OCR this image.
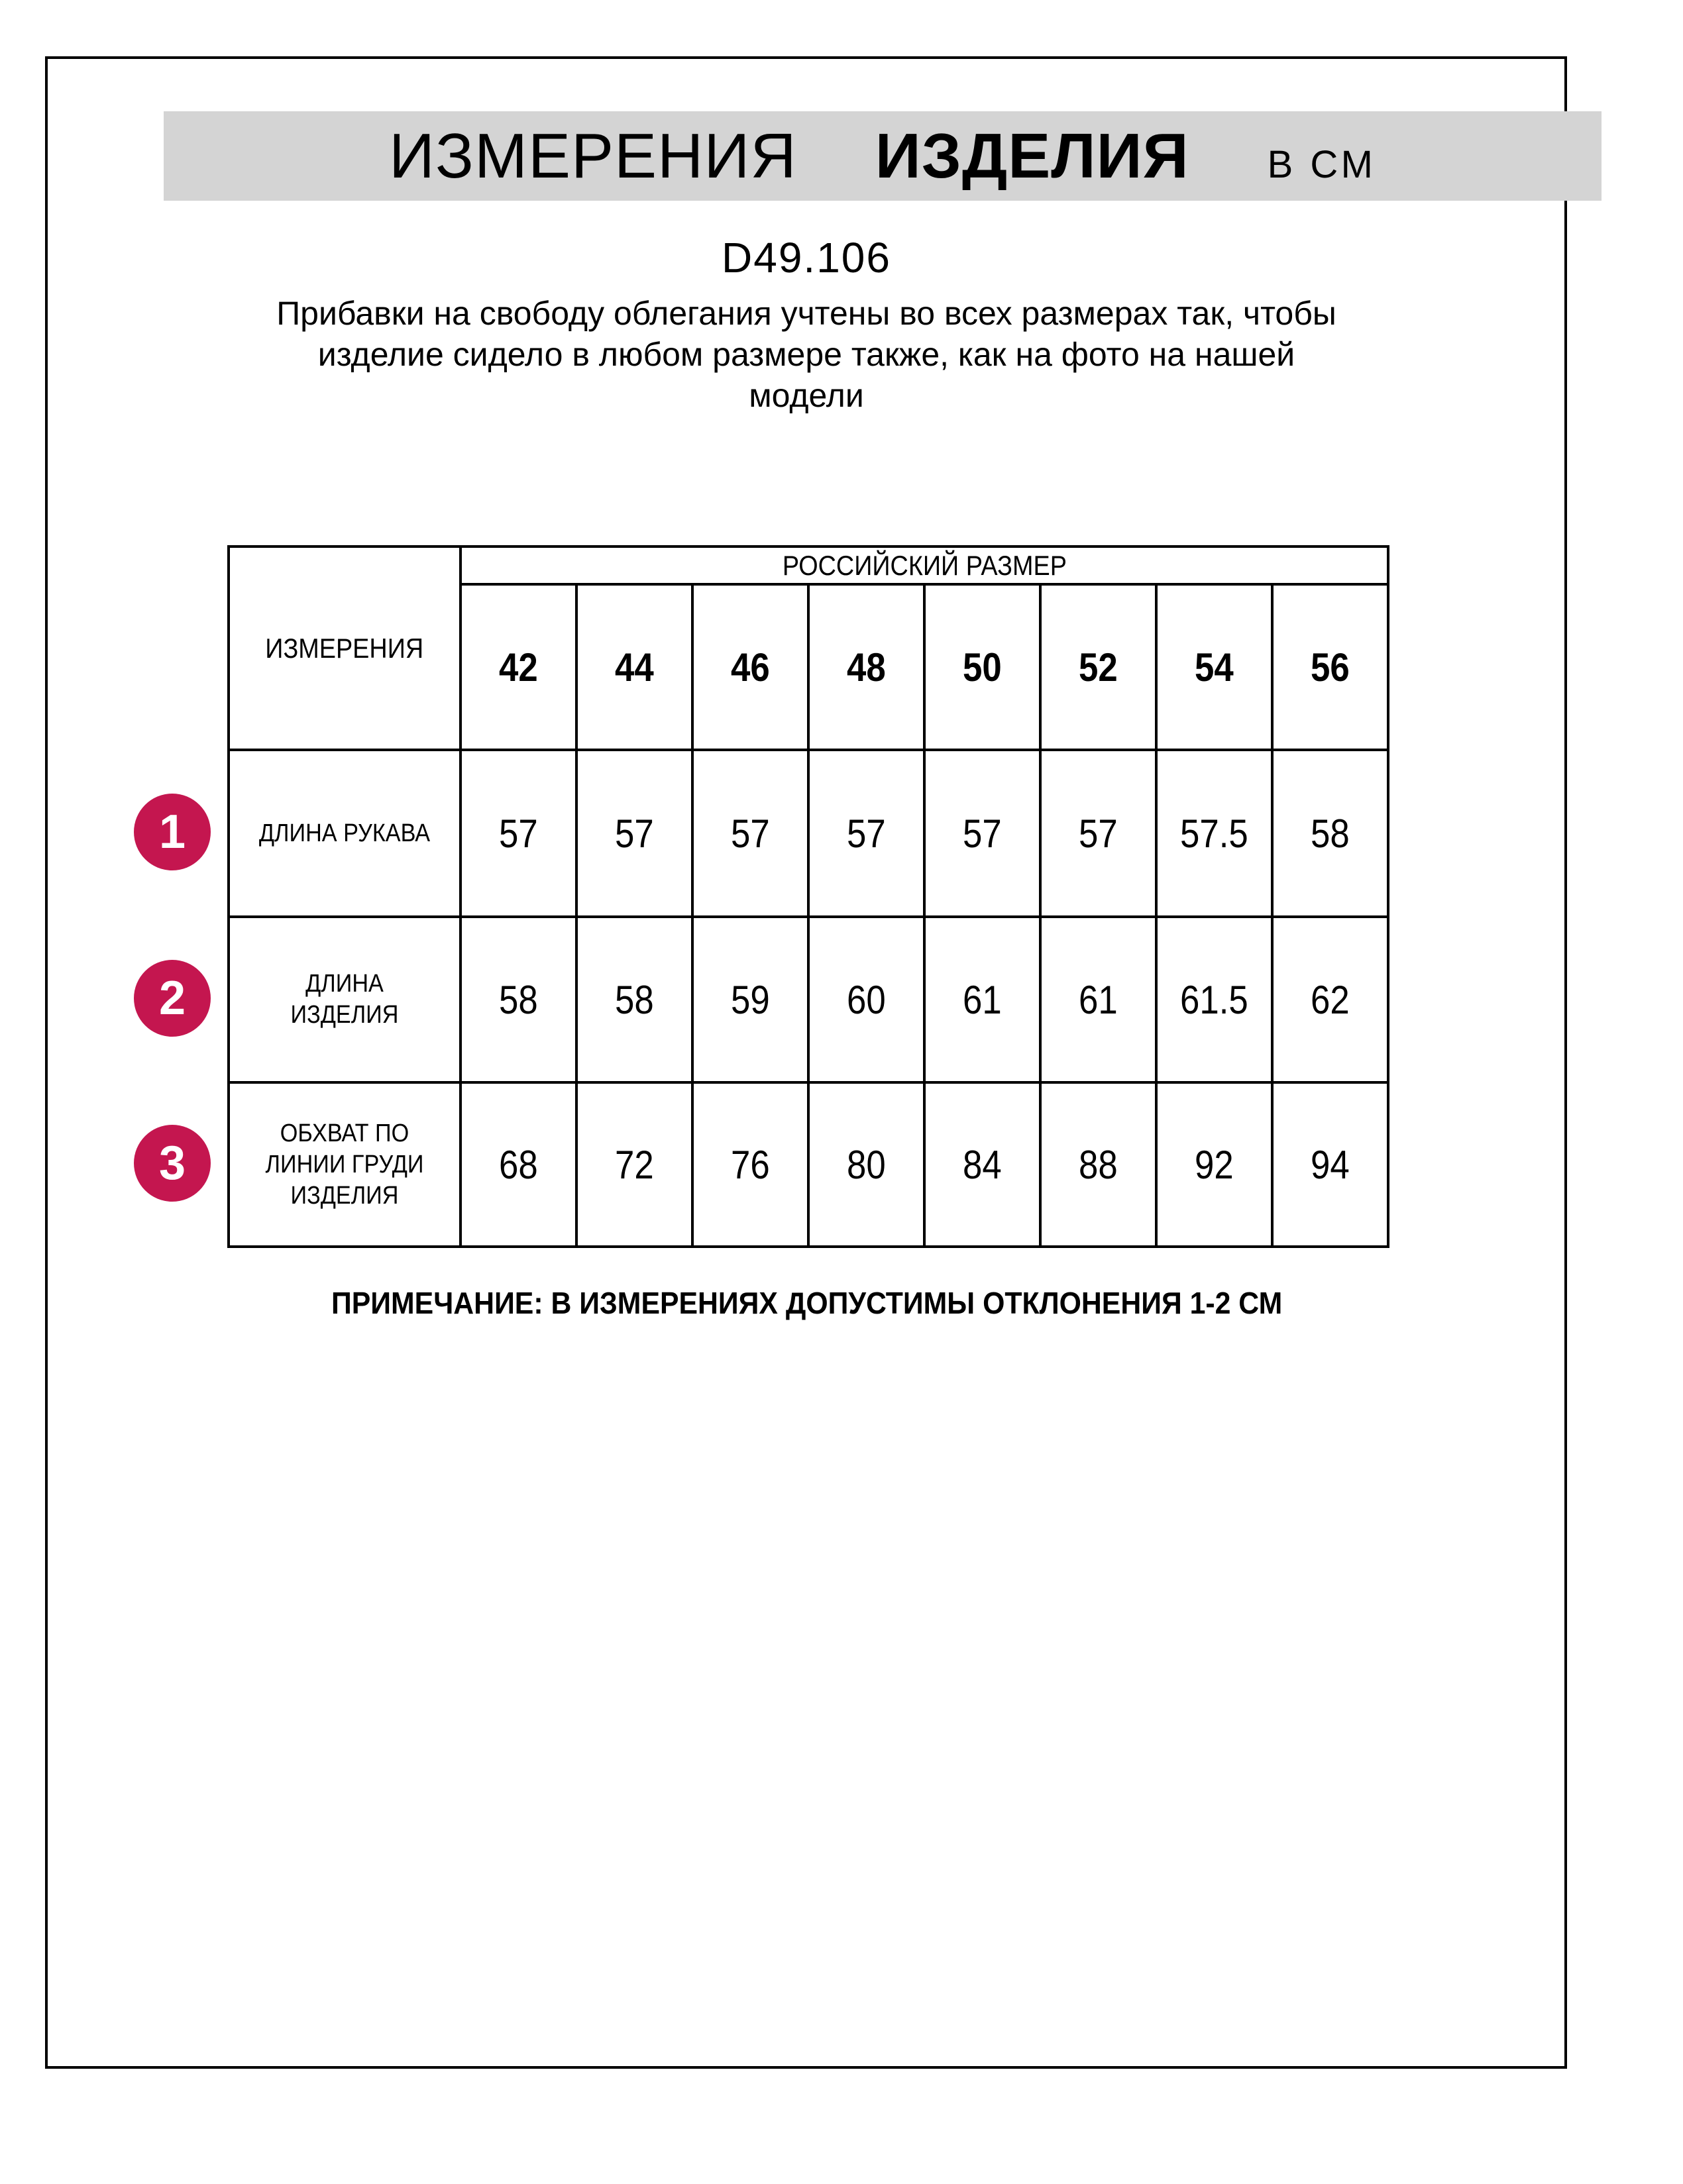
ИЗМЕРЕНИЯ ИЗДЕЛИЯ В СМ
D49.106
Прибавки на свободу облегания учтены во всех размерах так, чтобы
изделие сидело в любом размере также, как на фото на нашей
модели
ИЗМЕРЕНИЯ	РОССИЙСКИЙ РАЗМЕР							
	42	44	46	48	50	52	54	56

ДЛИНА РУКАВА	57	57	57	57	57	57	57.5	58

ДЛИНА
ИЗДЕЛИЯ	58	58	59	60	61	61	61.5	62

ОБХВАТ ПО
ЛИНИИ ГРУДИ
ИЗДЕЛИЯ	68	72	76	80	84	88	92	94
1
2
3
ПРИМЕЧАНИЕ: В ИЗМЕРЕНИЯХ ДОПУСТИМЫ ОТКЛОНЕНИЯ 1-2 СМ
